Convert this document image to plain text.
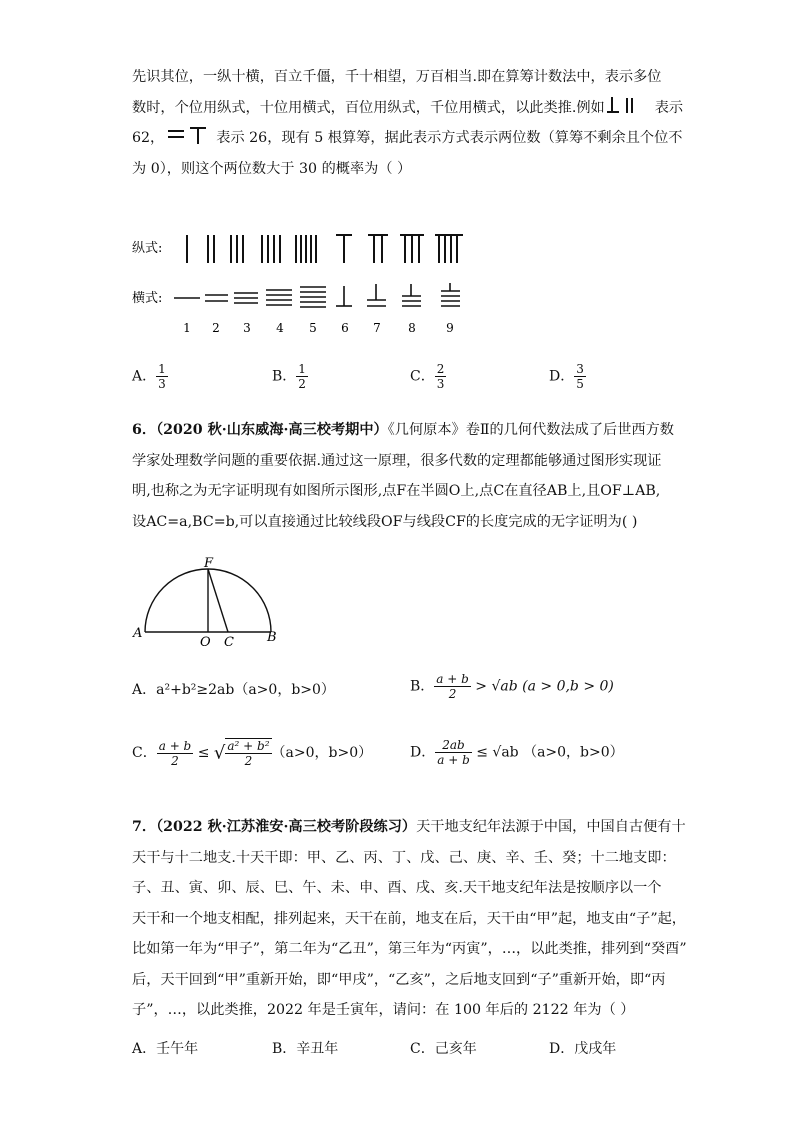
先识其位，一纵十横，百立千僵，千十相望，万百相当.即在算筹计数法中，表示多位

数时，个位用纵式，十位用横式，百位用纵式，千位用横式，以此类推.例如	表示

62，	表示 26，现有 5 根算筹，据此表示方式表示两位数（算筹不剩余且个位不

为 0），则这个两位数大于 30 的概率为（ ）

纵式:
横式:
1 2 3 4 5 6 7 8	9
A． $\frac{1}{3}$	B． $\frac{1}{2}$	C． $\frac{2}{3}$	D． $\frac{3}{5}$

6．（2020 秋·山东威海·高三校考期中）《几何原本》卷Ⅱ的几何代数法成了后世西方数

学家处理数学问题的重要依据.通过这一原理，很多代数的定理都能够通过图形实现证

明,也称之为无字证明现有如图所示图形,点F在半圆O上,点C在直径AB上,且OF⊥AB,

设AC=a,BC=b,可以直接通过比较线段OF与线段CF的长度完成的无字证明为( )

F
A
O C	B
A．a²+b²≥2ab（a>0，b>0）	B． $\frac{a + b}{2} > √ab$ (a > 0,b > 0)
C． $\frac{a + b}{2}$ ≤ √ $\frac{\text{a² + b²}}{2} (a>0$，b>0）	D． $\frac{2ab}{a + b} \le √ab$ （a>0，b>0）

7．（2022 秋·江苏淮安·高三校考阶段练习）天干地支纪年法源于中国，中国自古便有十

天干与十二地支.十天干即：甲、乙、丙、丁、戊、己、庚、辛、壬、癸；十二地支即：

子、丑、寅、卯、辰、巳、午、未、申、酉、戌、亥.天干地支纪年法是按顺序以一个

天干和一个地支相配，排列起来，天干在前，地支在后，天干由“甲”起，地支由“子”起，

比如第一年为“甲子”，第二年为“乙丑”，第三年为“丙寅”，…，以此类推，排列到“癸酉”

后，天干回到“甲”重新开始，即“甲戌”，“乙亥”，之后地支回到“子”重新开始，即“丙

子”，…，以此类推，2022 年是壬寅年，请问：在 100 年后的 2122 年为（ ）

A．壬午年	B．辛丑年	C．己亥年	D．戊戌年
